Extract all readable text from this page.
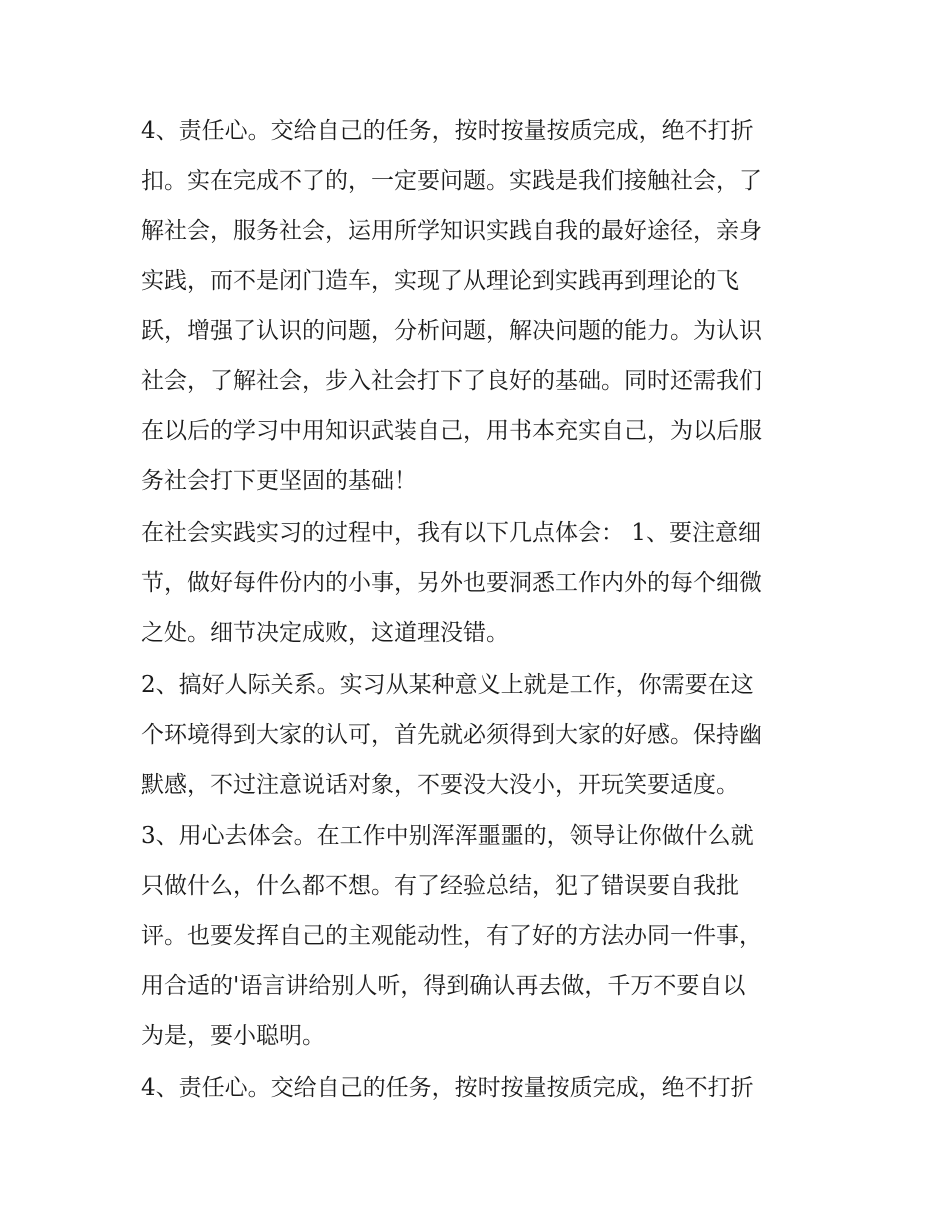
4、责任心。交给自己的任务，按时按量按质完成，绝不打折
扣。实在完成不了的，一定要问题。实践是我们接触社会，了
解社会，服务社会，运用所学知识实践自我的最好途径，亲身
实践，而不是闭门造车，实现了从理论到实践再到理论的飞
跃，增强了认识的问题，分析问题，解决问题的能力。为认识
社会，了解社会，步入社会打下了良好的基础。同时还需我们
在以后的学习中用知识武装自己，用书本充实自己，为以后服
务社会打下更坚固的基础！
在社会实践实习的过程中，我有以下几点体会： 1、要注意细
节，做好每件份内的小事，另外也要洞悉工作内外的每个细微
之处。细节决定成败，这道理没错。
2、搞好人际关系。实习从某种意义上就是工作，你需要在这
个环境得到大家的认可，首先就必须得到大家的好感。保持幽
默感，不过注意说话对象，不要没大没小，开玩笑要适度。
3、用心去体会。在工作中别浑浑噩噩的，领导让你做什么就
只做什么，什么都不想。有了经验总结，犯了错误要自我批
评。也要发挥自己的主观能动性，有了好的方法办同一件事，
用合适的'语言讲给别人听，得到确认再去做，千万不要自以
为是，要小聪明。
4、责任心。交给自己的任务，按时按量按质完成，绝不打折
